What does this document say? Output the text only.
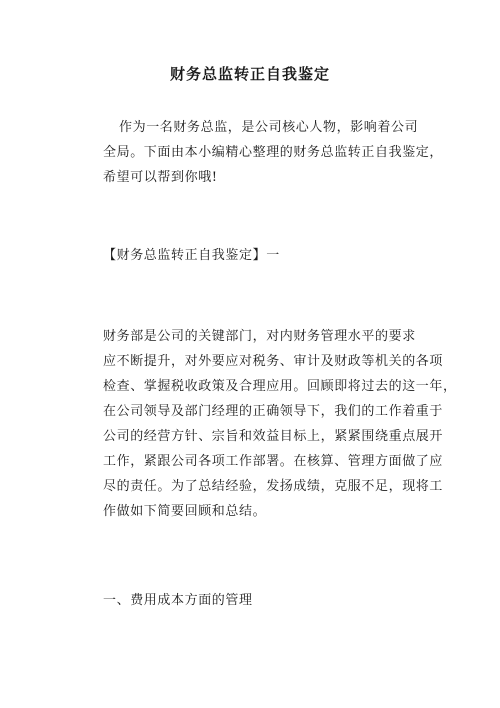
财务总监转正自我鉴定
作为一名财务总监，是公司核心人物，影响着公司
全局。下面由本小编精心整理的财务总监转正自我鉴定，
希望可以帮到你哦!

【财务总监转正自我鉴定】一

财务部是公司的关键部门，对内财务管理水平的要求
应不断提升，对外要应对税务、审计及财政等机关的各项
检查、掌握税收政策及合理应用。回顾即将过去的这一年，
在公司领导及部门经理的正确领导下，我们的工作着重于
公司的经营方针、宗旨和效益目标上，紧紧围绕重点展开
工作，紧跟公司各项工作部署。在核算、管理方面做了应
尽的责任。为了总结经验，发扬成绩，克服不足，现将工
作做如下简要回顾和总结。

一、费用成本方面的管理
